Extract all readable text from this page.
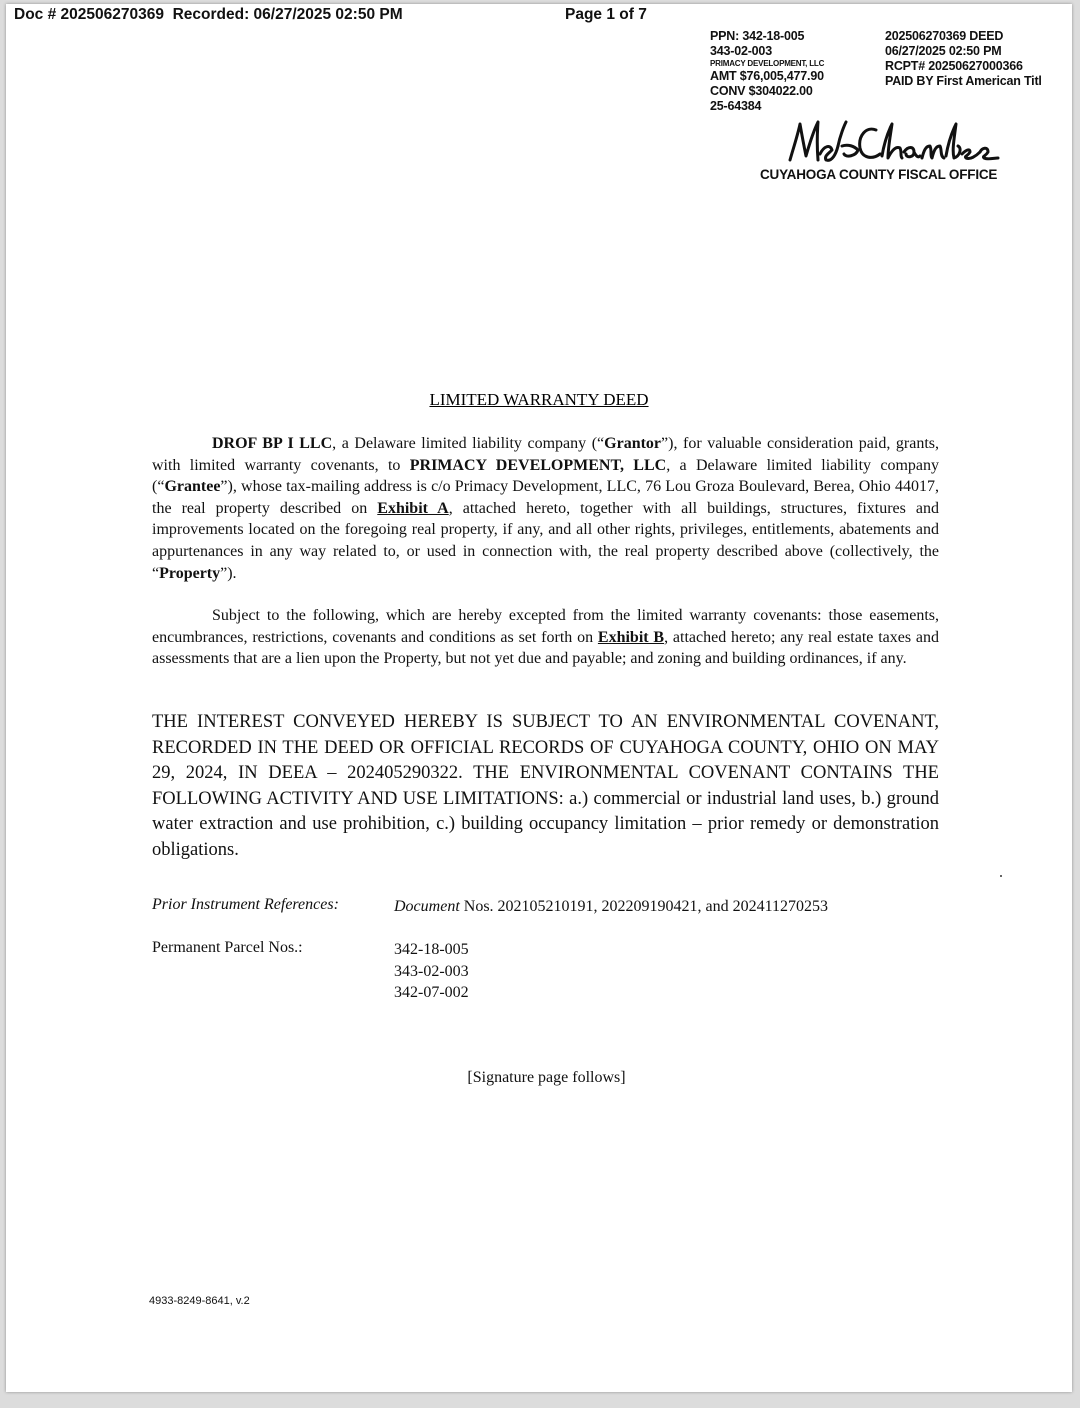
Doc # 202506270369 Recorded: 06/27/2025 02:50 PM	Page 1 of 7
PPN: 342-18-005
343-02-003
PRIMACY DEVELOPMENT, LLC
AMT $76,005,477.90
CONV $304022.00
25-64384
202506270369 DEED
06/27/2025 02:50 PM
RCPT# 20250627000366
PAID BY First American Titl
CUYAHOGA COUNTY FISCAL OFFICE
LIMITED WARRANTY DEED
DROF BP I LLC, a Delaware limited liability company (“Grantor”), for valuable consideration paid, grants, with limited warranty covenants, to PRIMACY DEVELOPMENT, LLC, a Delaware limited liability company (“Grantee”), whose tax-mailing address is c/o Primacy Development, LLC, 76 Lou Groza Boulevard, Berea, Ohio 44017, the real property described on Exhibit A, attached hereto, together with all buildings, structures, fixtures and improvements located on the foregoing real property, if any, and all other rights, privileges, entitlements, abatements and appurtenances in any way related to, or used in connection with, the real property described above (collectively, the “Property”).
Subject to the following, which are hereby excepted from the limited warranty covenants: those easements, encumbrances, restrictions, covenants and conditions as set forth on Exhibit B, attached hereto; any real estate taxes and assessments that are a lien upon the Property, but not yet due and payable; and zoning and building ordinances, if any.
THE INTEREST CONVEYED HEREBY IS SUBJECT TO AN ENVIRONMENTAL COVENANT, RECORDED IN THE DEED OR OFFICIAL RECORDS OF CUYAHOGA COUNTY, OHIO ON MAY 29, 2024, IN DEEA – 202405290322. THE ENVIRONMENTAL COVENANT CONTAINS THE FOLLOWING ACTIVITY AND USE LIMITATIONS: a.) commercial or industrial land uses, b.) ground water extraction and use prohibition, c.) building occupancy limitation – prior remedy or demonstration obligations.
Prior Instrument References:	Document Nos. 202105210191, 202209190421, and 202411270253
Permanent Parcel Nos.:	342-18-005
343-02-003
342-07-002
[Signature page follows]
4933-8249-8641, v.2
